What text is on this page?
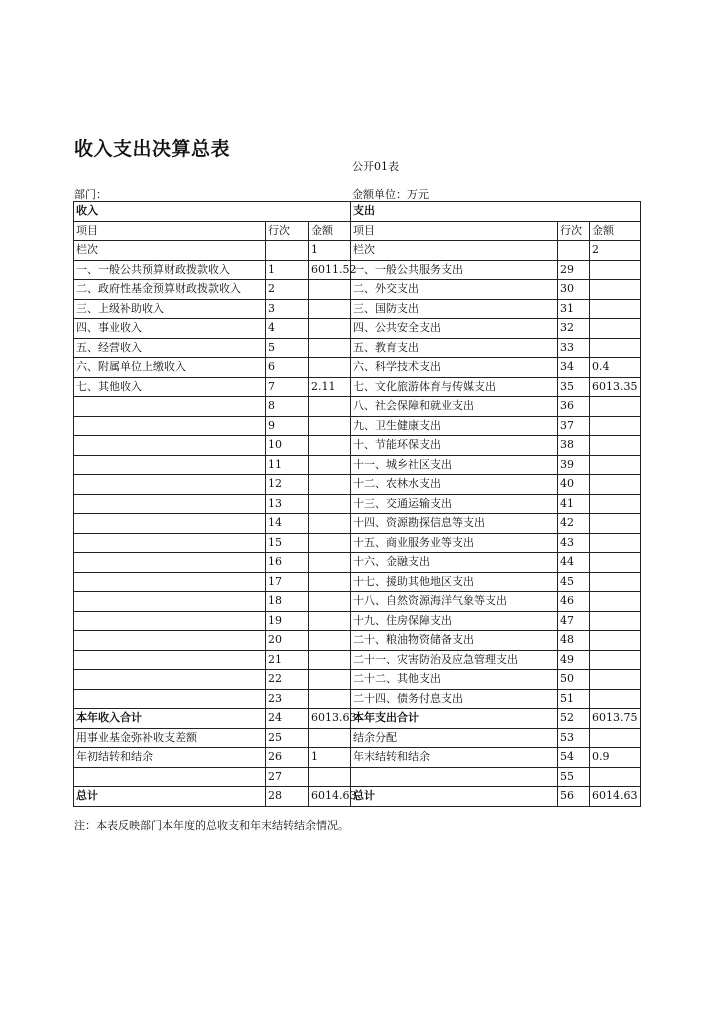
收入支出决算总表
公开01表
部门：	金额单位：万元
收入			支出		
项目	行次	金额	项目	行次	金额
栏次		1	栏次		2
一、一般公共预算财政拨款收入	1	6011.52	一、一般公共服务支出	29	
二、政府性基金预算财政拨款收入	2		二、外交支出	30	
三、上级补助收入	3		三、国防支出	31	
四、事业收入	4		四、公共安全支出	32	
五、经营收入	5		五、教育支出	33	
六、附属单位上缴收入	6		六、科学技术支出	34	0.4
七、其他收入	7	2.11	七、文化旅游体育与传媒支出	35	6013.35
	8		八、社会保障和就业支出	36	
	9		九、卫生健康支出	37	
	10		十、节能环保支出	38	
	11		十一、城乡社区支出	39	
	12		十二、农林水支出	40	
	13		十三、交通运输支出	41	
	14		十四、资源勘探信息等支出	42	
	15		十五、商业服务业等支出	43	
	16		十六、金融支出	44	
	17		十七、援助其他地区支出	45	
	18		十八、自然资源海洋气象等支出	46	
	19		十九、住房保障支出	47	
	20		二十、粮油物资储备支出	48	
	21		二十一、灾害防治及应急管理支出	49	
	22		二十二、其他支出	50	
	23		二十四、债务付息支出	51	
本年收入合计	24	6013.63	本年支出合计	52	6013.75
用事业基金弥补收支差额	25		结余分配	53	
年初结转和结余	26	1	年末结转和结余	54	0.9
	27			55	
总计	28	6014.63	总计	56	6014.63
注：本表反映部门本年度的总收支和年末结转结余情况。
